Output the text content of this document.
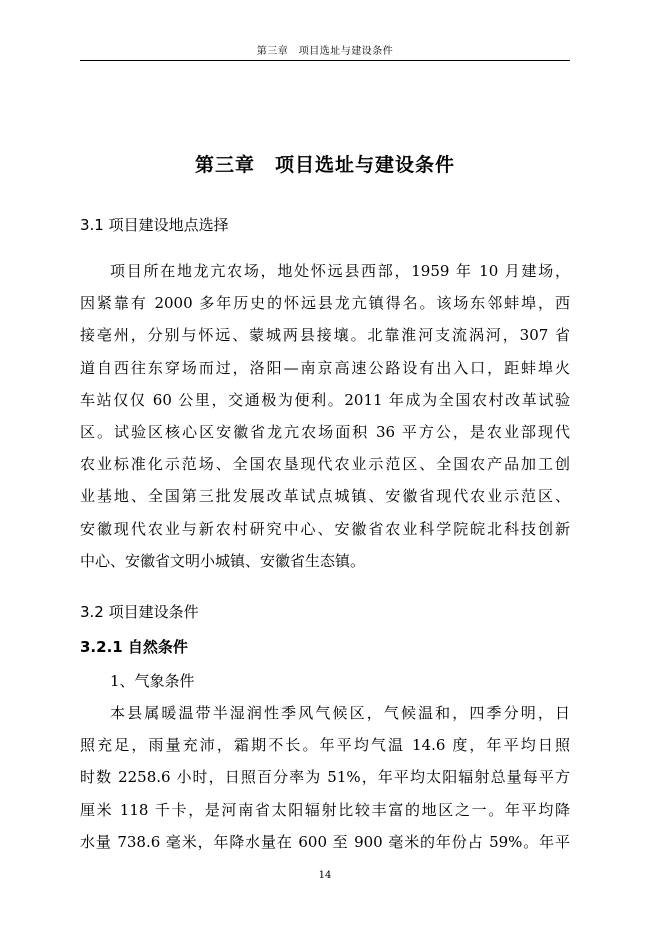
第三章　项目选址与建设条件
第三章　项目选址与建设条件
3.1 项目建设地点选择
项目所在地龙亢农场，地处怀远县西部，1959 年 10 月建场，
因紧靠有 2000 多年历史的怀远县龙亢镇得名。该场东邻蚌埠，西
接亳州，分别与怀远、蒙城两县接壤。北靠淮河支流涡河，307 省
道自西往东穿场而过，洛阳—南京高速公路设有出入口，距蚌埠火
车站仅仅 60 公里，交通极为便利。2011 年成为全国农村改革试验
区。试验区核心区安徽省龙亢农场面积 36 平方公，是农业部现代
农业标准化示范场、全国农垦现代农业示范区、全国农产品加工创
业基地、全国第三批发展改革试点城镇、安徽省现代农业示范区、
安徽现代农业与新农村研究中心、安徽省农业科学院皖北科技创新
中心、安徽省文明小城镇、安徽省生态镇。
3.2 项目建设条件
3.2.1 自然条件
1、气象条件
本县属暖温带半湿润性季风气候区，气候温和，四季分明，日
照充足，雨量充沛，霜期不长。年平均气温 14.6 度，年平均日照
时数 2258.6 小时，日照百分率为 51%，年平均太阳辐射总量每平方
厘米 118 千卡，是河南省太阳辐射比较丰富的地区之一。年平均降
水量 738.6 毫米，年降水量在 600 至 900 毫米的年份占 59%。年平
14
